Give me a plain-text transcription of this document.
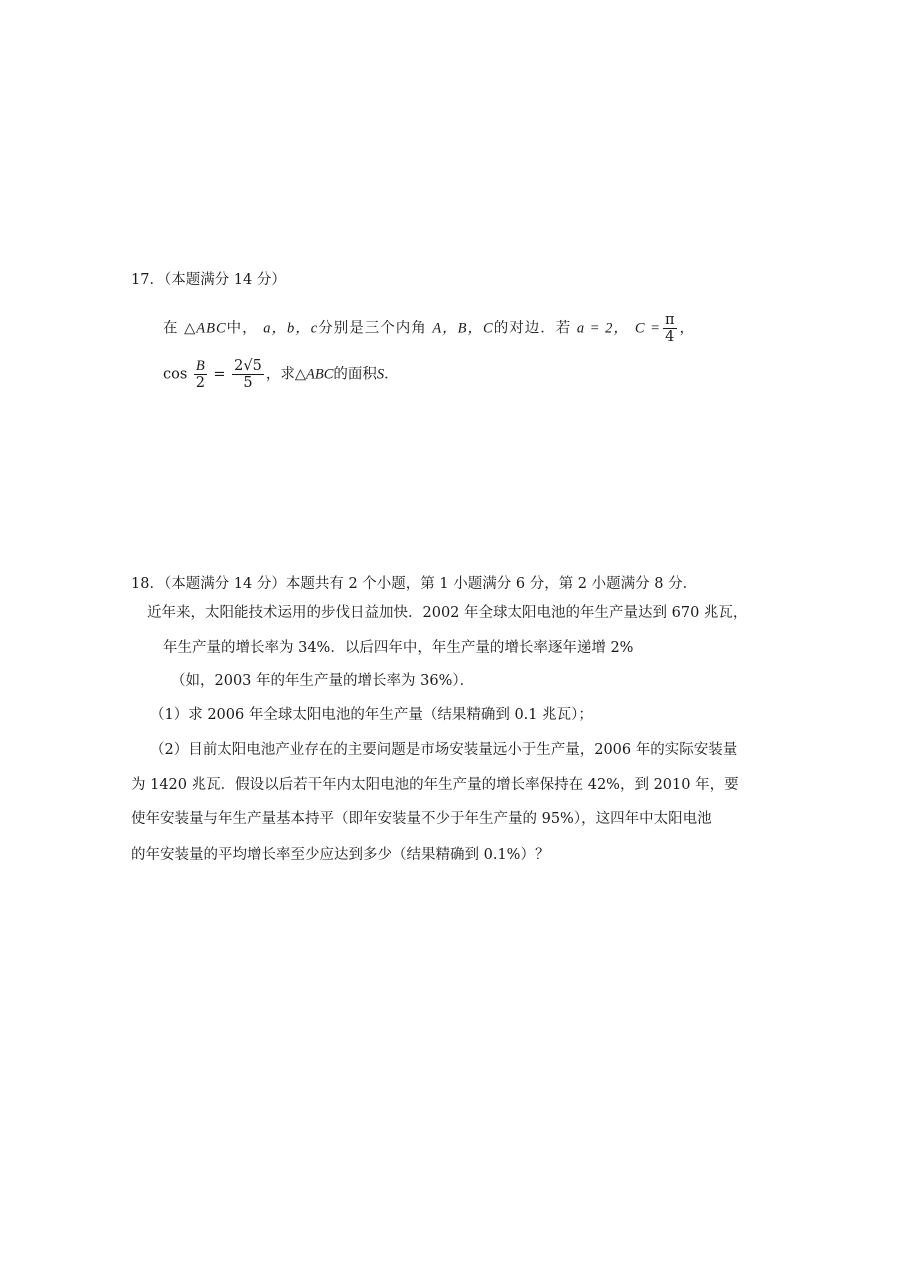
17．（本题满分 14 分）
在 △ABC中， a，b，c分别是三个内角 A，B，C的对边．若 a = 2， $C = \frac{\pi}{4}$ ，
$\cos \frac{B}{2} = \frac{2√5}{5}$ ，求△ABC的面积S．
18．（本题满分 14 分）本题共有 2 个小题，第 1 小题满分 6 分，第 2 小题满分 8 分．
近年来，太阳能技术运用的步伐日益加快．2002 年全球太阳电池的年生产量达到 670 兆瓦，
年生产量的增长率为 34%．以后四年中，年生产量的增长率逐年递增 2%
（如，2003 年的年生产量的增长率为 36%）．
（1）求 2006 年全球太阳电池的年生产量（结果精确到 0.1 兆瓦）；
（2）目前太阳电池产业存在的主要问题是市场安装量远小于生产量，2006 年的实际安装量
为 1420 兆瓦．假设以后若干年内太阳电池的年生产量的增长率保持在 42%，到 2010 年，要
使年安装量与年生产量基本持平（即年安装量不少于年生产量的 95%），这四年中太阳电池
的年安装量的平均增长率至少应达到多少（结果精确到 0.1%）？
